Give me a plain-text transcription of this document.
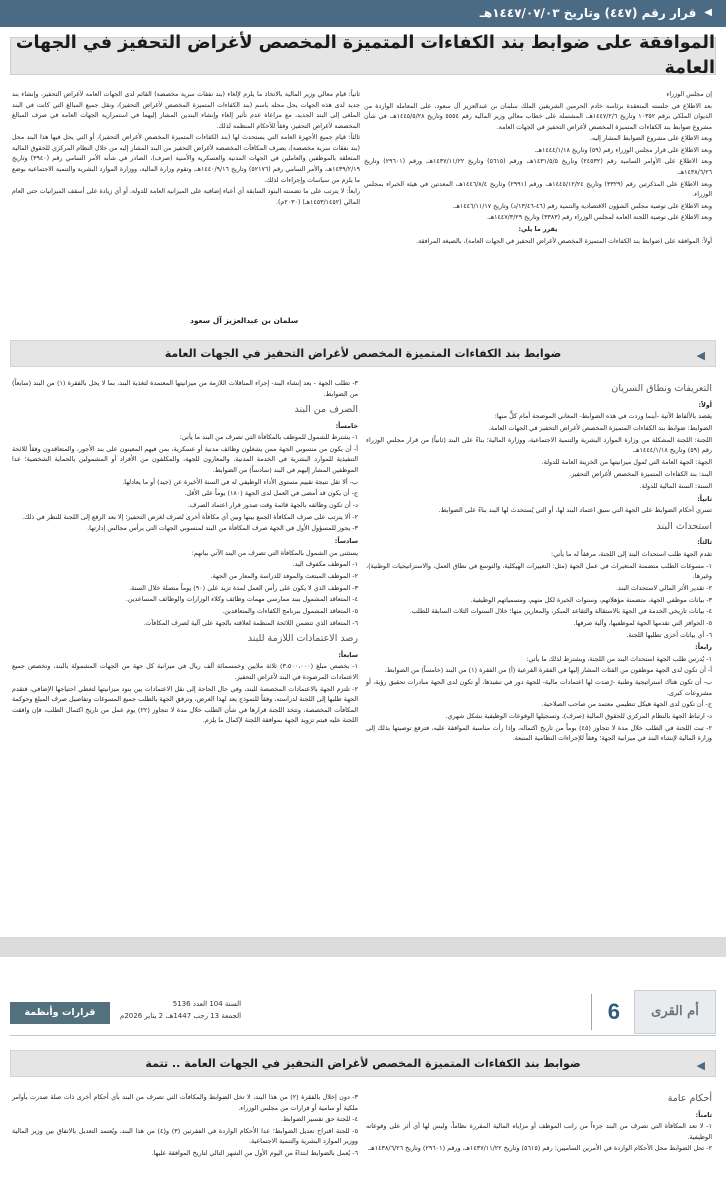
◀
قرار رقم (٤٤٧) وتاريخ ١٤٤٧/٠٧/٠٣هـ
الموافقة على ضوابط بند الكفاءات المتميزة المخصص لأغراض التحفيز في الجهات العامة

إن مجلس الوزراء

بعد الاطلاع في جلسته المنعقدة برئاسة خادم الحرمين الشريفين الملك سلمان بن عبدالعزيز آل سعود، على المعاملة الواردة من الديوان الملكي برقم ١٠٣٥٢ وتاريخ ١٤٤٧/٢/٦هـ، المشتملة على خطاب معالي وزير المالية رقم ٥٥٥٤ وتاريخ ١٤٤٥/٥/٢٨هـ، في شأن مشروع ضوابط بند الكفاءات المتميزة المخصص لأغراض التحفيز في الجهات العامة.

وبعد الاطلاع على مشروع الضوابط المشار إليه.

وبعد الاطلاع على قرار مجلس الوزراء رقم (٥٩) وتاريخ ١٤٤٤/١/١٨هـ.

وبعد الاطلاع على الأوامر السامية رقم (٢٤٥٣٢) وتاريخ ١٤٣١/٥/٥هـ، ورقم (٥٦١٥) وتاريخ ١٤٣٧/١١/٢٢هـ، ورقم (٢٩٦٠١) وتاريخ ١٤٣٨/٦/٢٦هـ.

وبعد الاطلاع على المذكرتين رقم (٣٣٢٩) وتاريخ ١٤٤٥/١٢/٢٤هـ، ورقم (٢٩٩١) وتاريخ ١٤٤٦/٨/٤هـ، المعدتين في هيئة الخبراء بمجلس الوزراء.

وبعد الاطلاع على توصية مجلس الشؤون الاقتصادية والتنمية رقم (٤٦-١٣/٤٦/د) وتاريخ ١٤٤٦/١١/١٧هـ.

وبعد الاطلاع على توصية اللجنة العامة لمجلس الوزراء رقم (٣٣٨٣) وتاريخ ١٤٤٧/٣/٢٩هـ.

يقرر ما يلي:

أولاً: الموافقة على (ضوابط بند الكفاءات المتميزة المخصص لأغراض التحفيز في الجهات العامة)، بالصيغة المرافقة.

ثانياً: قيام معالي وزير المالية بالاتخاذ ما يلزم لإلغاء (بند نفقات سرية مخصصة) القائم لدى الجهات العامة لأغراض التحفيز، وإنشاء بند جديد لدى هذه الجهات يحل محله باسم (بند الكفاءات المتميزة المخصص لأغراض التحفيز)، ونقل جميع المبالغ التي كانت في البند الملغى إلى البند الجديد، مع مراعاة عدم تأثير إلغاء وإنشاء البندين المشار إليهما في استمرارية الجهات العامة في صرف المبالغ المخصصة لأغراض التحفيز، وفقاً للأحكام المنظمة لذلك.

ثالثاً: قيام جميع الأجهزة العامة التي يستحدث لها (بند الكفاءات المتميزة المخصص لأغراض التحفيز)، أو التي يحل فيها هذا البند محل (بند نفقات سرية مخصصة)، بصرف المكافآت المخصصة لأغراض التحفيز من البند المشار إليه من خلال النظام المركزي للحقوق المالية المتعلقة بالموظفين والعاملين في الجهات المدنية والعسكرية والأمنية (صرف)، الصادر في شأنه الأمر السامي رقم (٣٩٤٠) وتاريخ ١٤٣٩/٢/١٩هـ، والأمر السامي رقم (٥٢١٧٦) وتاريخ ١٤٤٠/٩/١٦هـ، وتقوم وزارة المالية، ووزارة الموارد البشرية والتنمية الاجتماعية بوضع ما يلزم من سياسات وإجراءات لذلك.

رابعاً: لا يترتب على ما تضمنته البنود السابقة أي أعباء إضافية على الميزانية العامة للدولة، أو أي زيادة على أسقف الميزانيات حتى العام المالي (١٤٥٣/١٤٥٢هـ) (٢٠٣٠م).

سلمان بن عبدالعزيز آل سعود
◀
ضوابط بند الكفاءات المتميزة المخصص لأغراض التحفيز في الجهات العامة
التعريفات ونطاق السريان

أولاً:

يقصد بالألفاظ الآتية -أينما وردت في هذه الضوابط- المعاني الموضحة أمام كلٍّ منها:

الضوابط: ضوابط بند الكفاءات المتميزة المخصص لأغراض التحفيز في الجهات العامة.

اللجنة: اللجنة المشكلة من وزارة الموارد البشرية والتنمية الاجتماعية، ووزارة المالية؛ بناءً على البند (ثانياً) من قرار مجلس الوزراء رقم (٥٩) وتاريخ ١٤٤٤/١/١٨هـ.

الجهة: الجهة العامة التي تُمول ميزانيتها من الخزينة العامة للدولة.

البند: بند الكفاءات المتميزة المخصص لأغراض التحفيز.

السنة: السنة المالية للدولة.

ثانياً:

تسري أحكام الضوابط على الجهة التي سبق اعتماد البند لها، أو التي يُستحدث لها البند بناءً على الضوابط.

استحداث البند

ثالثاً:

تقدم الجهة طلب استحداث البند إلى اللجنة، مرفقاً له ما يأتي:

١- مسوغات الطلب متضمنة المتغيرات في عمل الجهة (مثل: التغييرات الهيكلية، والتوسع في نطاق العمل، والاستراتيجيات الوطنية)، وغيرها.

٢- تقدير الأثر المالي لاستحداث البند.

٣- بيانات موظفي الجهة، متضمنة مؤهلاتهم، وسنوات الخبرة لكل منهم، ومسمياتهم الوظيفية.

٤- بيانات تاريخي الخدمة في الجهة بالاستقالة والتقاعد المبكر، والمعارين منها؛ خلال السنوات الثلاث السابقة للطلب.

٥- الحوافز التي تقدمها الجهة لموظفيها، وآلية صرفها.

٦- أي بيانات أخرى تطلبها اللجنة.

رابعاً:

١- يُدرس طلب الجهة استحداث البند من اللجنة، ويشترط لذلك ما يأتي:

أ- أن تكون لدى الجهة موظفون من الفئات المشار إليها في الفقرة الفرعية (أ) من الفقرة (١) من البند (خامساً) من الضوابط.

ب- أن تكون هناك استراتيجية وطنية -رُصدت لها اعتمادات مالية- للجهة دور في تنفيذها، أو تكون لدى الجهة مبادرات تحقيق رؤية، أو مشروعات كبرى.

ج- أن تكون لدى الجهة هيكل تنظيمي معتمد من صاحب الصلاحية.

د- ارتباط الجهة بالنظام المركزي للحقوق المالية (صرف)، وتسجيلها الوقوعات الوظيفية بشكل شهري.

٢- تبت اللجنة في الطلب خلال مدة لا تتجاوز (٤٥) يوماً من تاريخ اكتماله، وإذا رأت مناسبة الموافقة عليه، فترفع توصيتها بذلك إلى وزارة المالية لإنشاء البند في ميزانية الجهة؛ وفقاً للإجراءات النظامية المتبعة.

٣- تطلب الجهة - بعد إنشاء البند- إجراء المناقلات اللازمة من ميزانيتها المعتمدة لتغذية البند، بما لا يخل بالفقرة (١) من البند (سابعاً) من الضوابط.

الصرف من البند

خامساً:

١- يشترط للشمول للموظف بالمكافأة التي تصرف من البند ما يأتي:

أ- أن يكون من منسوبي الجهة ممن يشغلون وظائف مدنية أو عسكرية، بمن فيهم المعينون على بند الأجور، والمتعاقدون وفقاً للائحة التنفيذية للموارد البشرية في الخدمة المدنية، والمعارون للجهة، والمكلفون من الأفراد أو المشمولين بالحماية الشخصية؛ عدا الموظفين المشار إليهم في البند (سادساً) من الضوابط.

ب- ألا تقل نتيجة تقييم مستوى الأداء الوظيفي له في السنة الأخيرة عن (جيد) أو ما يعادلها.

ج- أن يكون قد أمضى في العمل لدى الجهة (١٨٠) يوماً على الأقل.

د- أن تكون وظائفه بالجهة قائمة وقت صدور قرار اعتماد الصرف.

٢- ألا يترتب على صرف المكافأة الجمع بينها وبين أي مكافأة أخرى تُصرف لغرض التحفيز؛ إلا بعد الرفع إلى اللجنة للنظر في ذلك.

٣- يجوز للمسؤول الأول في الجهة صرف المكافأة من البند لمنسوبي الجهات التي يرأس مجالس إدارتها.

سادساً:

يستثنى من الشمول بالمكافأة التي تصرف من البند الآتي بيانهم:

١- الموظف مكفوف اليد.

٢- الموظف المبتعث والموفد للدراسة والمعار من الجهة.

٣- الموظف الذي لا يكون على رأس العمل لمدة تزيد على (٩٠) يوماً متصلة خلال السنة.

٤- المتعاقد المشمول ببند ممارسي مهمات وظائف وكلاء الوزارات والوظائف المساعدين.

٥- المتعاقد المشمول ببرنامج الكفاءات والمتعاقدين.

٦- المتعاقد الذي تتضمن اللائحة المنظمة لعلاقته بالجهة على آلية لصرف المكافآت.

رصد الاعتمادات اللازمة للبند

سابعاً:

١- يخصص مبلغ (٣،٥٠٠،٠٠٠) ثلاثة ملايين وخمسمائة ألف ريال في ميزانية كل جهة من الجهات المشمولة بالبند، وتخصص جميع الاعتمادات المرصودة في البند لأغراض التحفيز.

٢- تلتزم الجهة بالاعتمادات المخصصة للبند، وفي حال الحاجة إلى نقل الاعتمادات بين بنود ميزانيتها لتغطي احتياجها الإضافي، فتقدم الجهة طلبها إلى اللجنة لدراسته، وفقاً للنموذج يعد لهذا الغرض، وترفق الجهة بالطلب جميع المسوغات وتفاصيل صرف المبلغ وحوكمة المكافآت المخصصة، وتتخذ اللجنة قرارها في شأن الطلب خلال مدة لا تتجاوز (٢٢) يوم عمل من تاريخ اكتمال الطلب، فإن وافقت اللجنة عليه فيتم تزويد الجهة بموافقة اللجنة لإكمال ما يلزم.

أم القرى
6
السنة 104 العدد 5136
الجمعة 13 رجب 1447هـ، 2 يناير 2026م
قرارات وأنظمة
◀
ضوابط بند الكفاءات المتميزة المخصص لأغراض التحفيز في الجهات العامة .. تتمة
أحكام عامة

ثامناً:

١- لا تعد المكافأة التي تصرف من البند جزءاً من راتب الموظف أو مزاياه المالية المقررة نظاماً، وليس لها أي أثر على وقوعاته الوظيفية.

٢- تحل الضوابط محل الأحكام الواردة في الأمرين الساميين: رقم (٥٦١٥) وتاريخ ١٤٣٧/١١/٢٢هـ، ورقم (٢٩٦٠١) وتاريخ ١٤٣٨/٦/٢٦هـ.

٣- دون إخلال بالفقرة (٢) من هذا البند، لا تخل الضوابط والمكافآت التي تصرف من البند بأي أحكام أخرى ذات صلة صدرت بأوامر ملكية أو سامية أو قرارات من مجلس الوزراء.

٤- للجنة حق تفسير الضوابط.

٥- للجنة اقتراح تعديل الضوابط؛ عدا الأحكام الواردة في الفقرتين (٣) و(٤) من هذا البند، ويُعتمد التعديل بالاتفاق بين وزير المالية ووزير الموارد البشرية والتنمية الاجتماعية.

٦- يُعمل بالضوابط ابتداءً من اليوم الأول من الشهر التالي لتاريخ الموافقة عليها.
